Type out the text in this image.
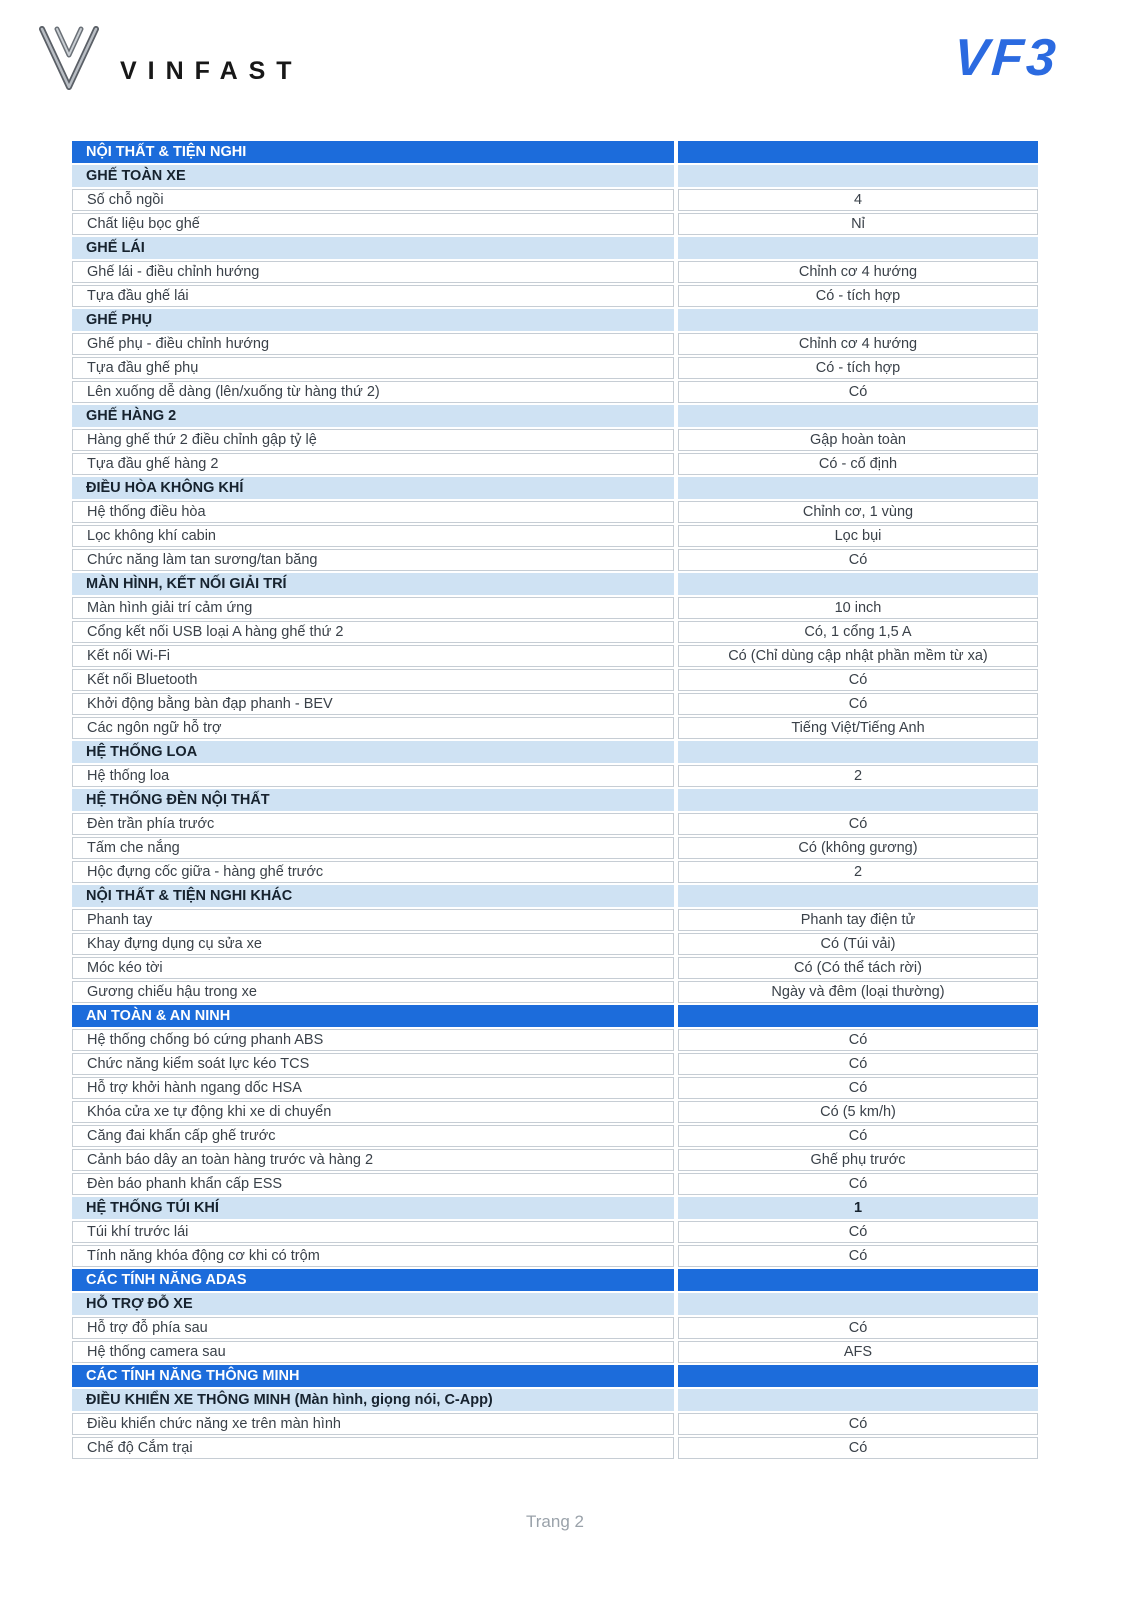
VINFAST	VF3
NỘI THẤT & TIỆN NGHI
GHẾ TOÀN XE
Số chỗ ngồi	4
Chất liệu bọc ghế	Nỉ
GHẾ LÁI
Ghế lái - điều chỉnh hướng	Chỉnh cơ 4 hướng
Tựa đầu ghế lái	Có - tích hợp
GHẾ PHỤ
Ghế phụ - điều chỉnh hướng	Chỉnh cơ 4 hướng
Tựa đầu ghế phụ	Có - tích hợp
Lên xuống dễ dàng (lên/xuống từ hàng thứ 2)	Có
GHẾ HÀNG 2
Hàng ghế thứ 2 điều chỉnh gập tỷ lệ	Gập hoàn toàn
Tựa đầu ghế hàng 2	Có - cố định
ĐIỀU HÒA KHÔNG KHÍ
Hệ thống điều hòa	Chỉnh cơ, 1 vùng
Lọc không khí cabin	Lọc bụi
Chức năng làm tan sương/tan băng	Có
MÀN HÌNH, KẾT NỐI GIẢI TRÍ
Màn hình giải trí cảm ứng	10 inch
Cổng kết nối USB loại A hàng ghế thứ 2	Có, 1 cổng 1,5 A
Kết nối Wi-Fi	Có (Chỉ dùng cập nhật phần mềm từ xa)
Kết nối Bluetooth	Có
Khởi động bằng bàn đạp phanh - BEV	Có
Các ngôn ngữ hỗ trợ	Tiếng Việt/Tiếng Anh
HỆ THỐNG LOA
Hệ thống loa	2
HỆ THỐNG ĐÈN NỘI THẤT
Đèn trần phía trước	Có
Tấm che nắng	Có (không gương)
Hộc đựng cốc giữa - hàng ghế trước	2
NỘI THẤT & TIỆN NGHI KHÁC
Phanh tay	Phanh tay điện tử
Khay đựng dụng cụ sửa xe	Có (Túi vải)
Móc kéo tời	Có (Có thể tách rời)
Gương chiếu hậu trong xe	Ngày và đêm (loại thường)
AN TOÀN & AN NINH
Hệ thống chống bó cứng phanh ABS	Có
Chức năng kiểm soát lực kéo TCS	Có
Hỗ trợ khởi hành ngang dốc HSA	Có
Khóa cửa xe tự động khi xe di chuyển	Có (5 km/h)
Căng đai khẩn cấp ghế trước	Có
Cảnh báo dây an toàn hàng trước và hàng 2	Ghế phụ trước
Đèn báo phanh khẩn cấp ESS	Có
HỆ THỐNG TÚI KHÍ	1
Túi khí trước lái	Có
Tính năng khóa động cơ khi có trộm	Có
CÁC TÍNH NĂNG ADAS
HỖ TRỢ ĐỖ XE
Hỗ trợ đỗ phía sau	Có
Hệ thống camera sau	AFS
CÁC TÍNH NĂNG THÔNG MINH
ĐIỀU KHIỂN XE THÔNG MINH (Màn hình, giọng nói, C-App)
Điều khiển chức năng xe trên màn hình	Có
Chế độ Cắm trại	Có
Trang 2
